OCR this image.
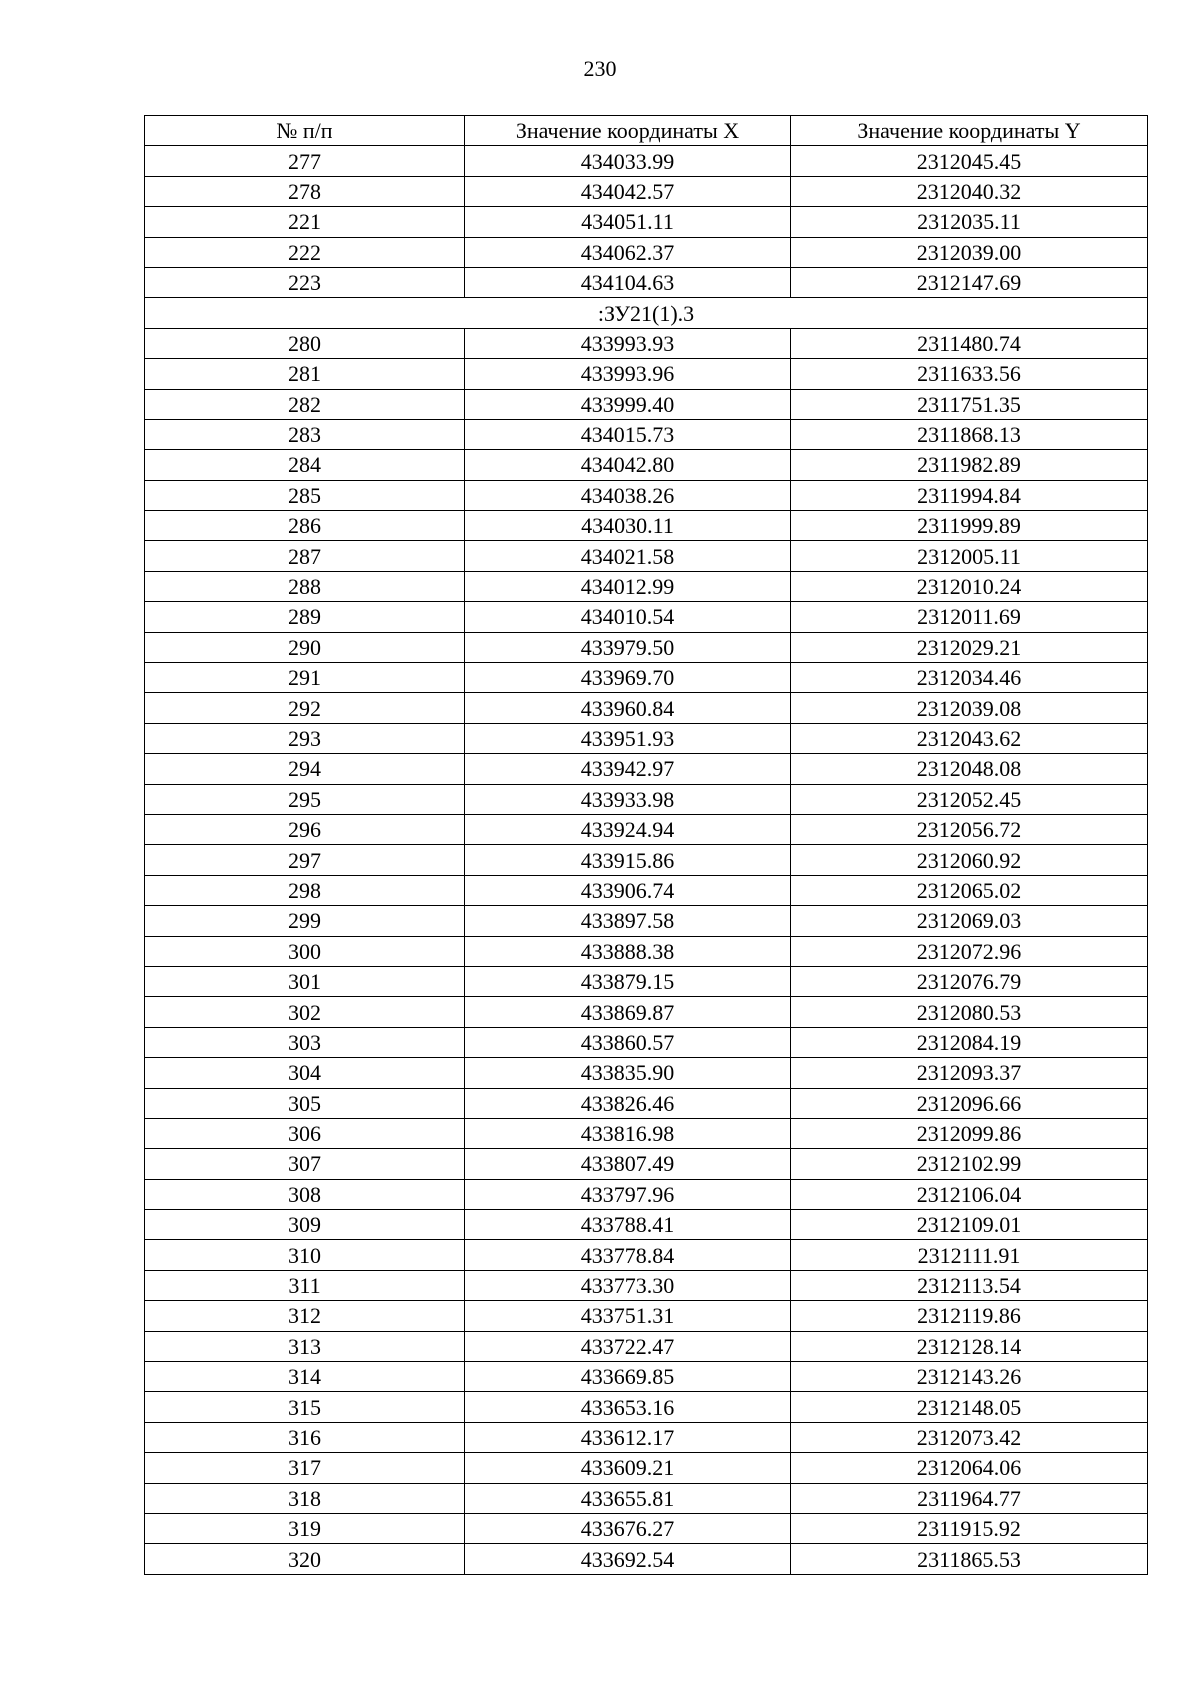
230
№ п/п	Значение координаты X	Значение координаты Y
277	434033.99	2312045.45
278	434042.57	2312040.32
221	434051.11	2312035.11
222	434062.37	2312039.00
223	434104.63	2312147.69
:ЗУ21(1).3		
280	433993.93	2311480.74
281	433993.96	2311633.56
282	433999.40	2311751.35
283	434015.73	2311868.13
284	434042.80	2311982.89
285	434038.26	2311994.84
286	434030.11	2311999.89
287	434021.58	2312005.11
288	434012.99	2312010.24
289	434010.54	2312011.69
290	433979.50	2312029.21
291	433969.70	2312034.46
292	433960.84	2312039.08
293	433951.93	2312043.62
294	433942.97	2312048.08
295	433933.98	2312052.45
296	433924.94	2312056.72
297	433915.86	2312060.92
298	433906.74	2312065.02
299	433897.58	2312069.03
300	433888.38	2312072.96
301	433879.15	2312076.79
302	433869.87	2312080.53
303	433860.57	2312084.19
304	433835.90	2312093.37
305	433826.46	2312096.66
306	433816.98	2312099.86
307	433807.49	2312102.99
308	433797.96	2312106.04
309	433788.41	2312109.01
310	433778.84	2312111.91
311	433773.30	2312113.54
312	433751.31	2312119.86
313	433722.47	2312128.14
314	433669.85	2312143.26
315	433653.16	2312148.05
316	433612.17	2312073.42
317	433609.21	2312064.06
318	433655.81	2311964.77
319	433676.27	2311915.92
320	433692.54	2311865.53
